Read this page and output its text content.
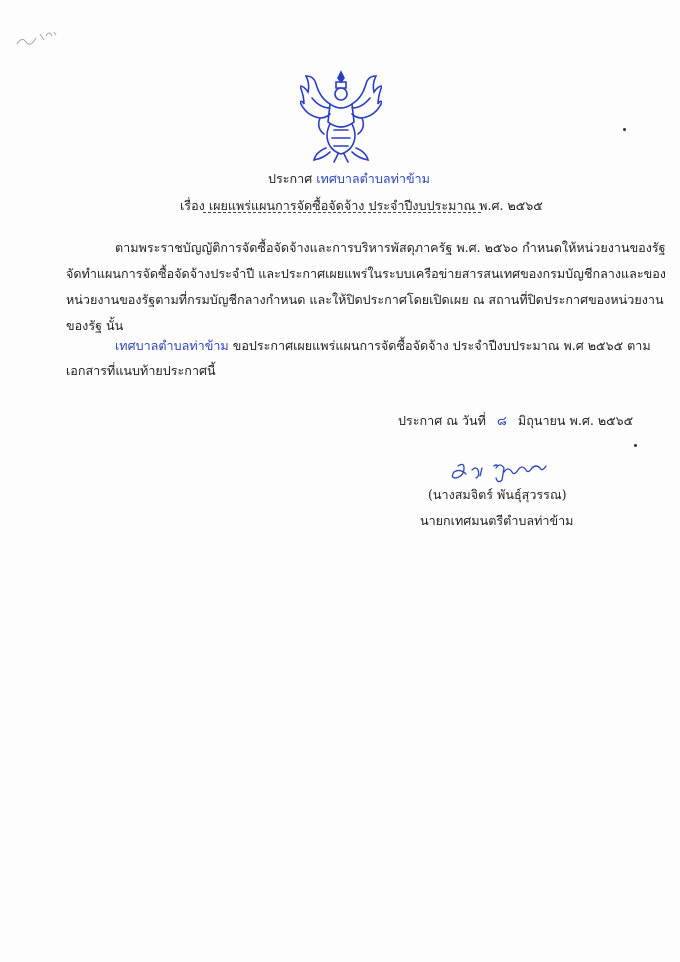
ประกาศ เทศบาลตำบลท่าข้าม
เรื่อง เผยแพร่แผนการจัดซื้อจัดจ้าง ประจำปีงบประมาณ พ.ศ. ๒๕๖๕
ตามพระราชบัญญัติการจัดซื้อจัดจ้างและการบริหารพัสดุภาครัฐ พ.ศ. ๒๕๖๐ กำหนดให้หน่วยงานของรัฐ
จัดทำแผนการจัดซื้อจัดจ้างประจำปี และประกาศเผยแพร่ในระบบเครือข่ายสารสนเทศของกรมบัญชีกลางและของ
หน่วยงานของรัฐตามที่กรมบัญชีกลางกำหนด และให้ปิดประกาศโดยเปิดเผย ณ สถานที่ปิดประกาศของหน่วยงาน
ของรัฐ นั้น
เทศบาลตำบลท่าข้าม ขอประกาศเผยแพร่แผนการจัดซื้อจัดจ้าง ประจำปีงบประมาณ พ.ศ ๒๕๖๕ ตาม
เอกสารที่แนบท้ายประกาศนี้
ประกาศ ณ วันที่ ๘ มิถุนายน พ.ศ. ๒๕๖๕
(นางสมจิตร์ พันธุ์สุวรรณ)
นายกเทศมนตรีตำบลท่าข้าม
